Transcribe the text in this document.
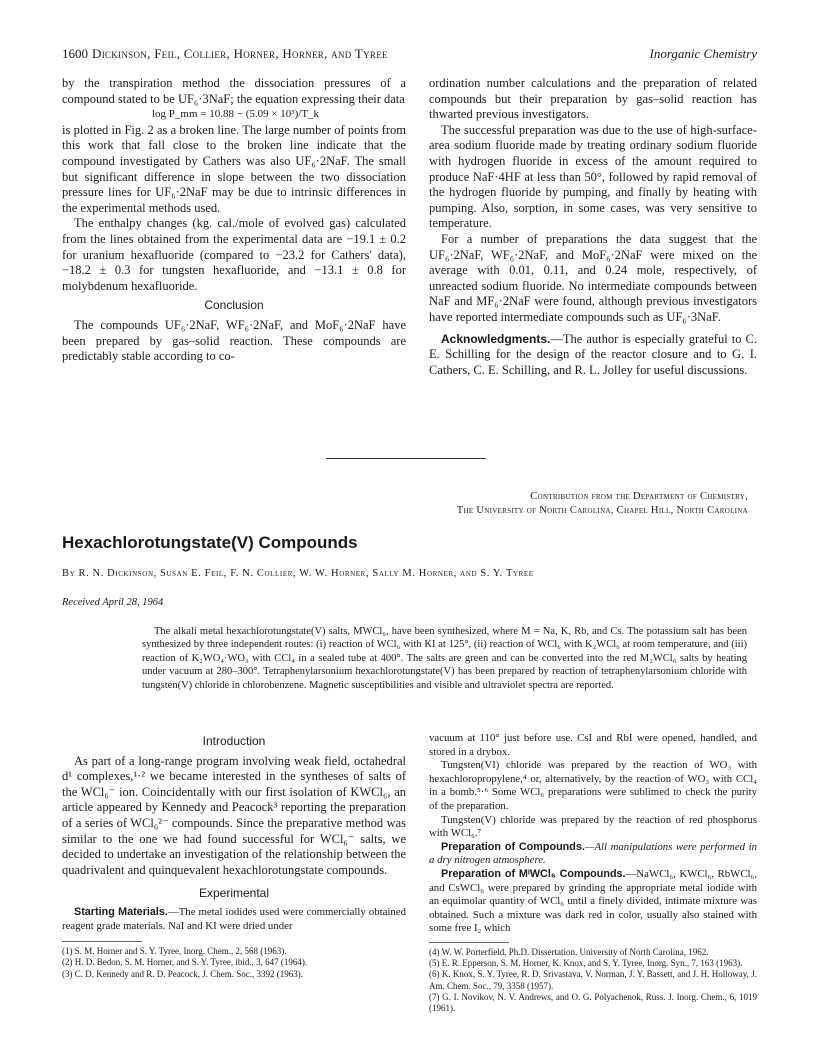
1600 Dickinson, Feil, Collier, Horner, Horner, and Tyree	Inorganic Chemistry

by the transpiration method the dissociation pressures of a compound stated to be UF₆·3NaF; the equation expressing their data

log P_mm = 10.88 − (5.09 × 10³)/T_k

is plotted in Fig. 2 as a broken line. The large number of points from this work that fall close to the broken line indicate that the compound investigated by Cathers was also UF₆·2NaF. The small but significant difference in slope between the two dissociation pressure lines for UF₆·2NaF may be due to intrinsic differences in the experimental methods used.

The enthalpy changes (kg. cal./mole of evolved gas) calculated from the lines obtained from the experimental data are −19.1 ± 0.2 for uranium hexafluoride (compared to −23.2 for Cathers' data), −18.2 ± 0.3 for tungsten hexafluoride, and −13.1 ± 0.8 for molybdenum hexafluoride.

Conclusion

The compounds UF₆·2NaF, WF₆·2NaF, and MoF₆·2NaF have been prepared by gas–solid reaction. These compounds are predictably stable according to co-

ordination number calculations and the preparation of related compounds but their preparation by gas–solid reaction has thwarted previous investigators.

The successful preparation was due to the use of high-surface-area sodium fluoride made by treating ordinary sodium fluoride with hydrogen fluoride in excess of the amount required to produce NaF·4HF at less than 50°, followed by rapid removal of the hydrogen fluoride by pumping, and finally by heating with pumping. Also, sorption, in some cases, was very sensitive to temperature.

For a number of preparations the data suggest that the UF₆·2NaF, WF₆·2NaF, and MoF₆·2NaF were mixed on the average with 0.01, 0.11, and 0.24 mole, respectively, of unreacted sodium fluoride. No intermediate compounds between NaF and MF₆·2NaF were found, although previous investigators have reported intermediate compounds such as UF₆·3NaF.

Acknowledgments.—The author is especially grateful to C. E. Schilling for the design of the reactor closure and to G. I. Cathers, C. E. Schilling, and R. L. Jolley for useful discussions.

Contribution from the Department of Chemistry,
The University of North Carolina, Chapel Hill, North Carolina
Hexachlorotungstate(V) Compounds
By R. N. Dickinson, Susan E. Feil, F. N. Collier, W. W. Horner, Sally M. Horner, and S. Y. Tyree
Received April 28, 1964

The alkali metal hexachlorotungstate(V) salts, MWCl₆, have been synthesized, where M = Na, K, Rb, and Cs. The potassium salt has been synthesized by three independent routes: (i) reaction of WCl₆ with KI at 125°, (ii) reaction of WCl₆ with K₂WCl₆ at room temperature, and (iii) reaction of K₂WO₄·WO₃ with CCl₄ in a sealed tube at 400°. The salts are green and can be converted into the red M₂WCl₆ salts by heating under vacuum at 280–300°. Tetraphenylarsonium hexachlorotungstate(V) has been prepared by reaction of tetraphenylarsonium chloride with tungsten(V) chloride in chlorobenzene. Magnetic susceptibilities and visible and ultraviolet spectra are reported.

Introduction

As part of a long-range program involving weak field, octahedral d¹ complexes,¹·² we became interested in the syntheses of salts of the WCl₆⁻ ion. Coincidentally with our first isolation of KWCl₆, an article appeared by Kennedy and Peacock³ reporting the preparation of a series of WCl₆²⁻ compounds. Since the preparative method was similar to the one we had found successful for WCl₆⁻ salts, we decided to undertake an investigation of the relationship between the quadrivalent and quinquevalent hexachlorotungstate compounds.

Experimental

Starting Materials.—The metal iodides used were commercially obtained reagent grade materials. NaI and KI were dried under

(1) S. M. Horner and S. Y. Tyree, Inorg. Chem., 2, 568 (1963).

(2) H. D. Bedon, S. M. Horner, and S. Y. Tyree, ibid., 3, 647 (1964).

(3) C. D. Kennedy and R. D. Peacock, J. Chem. Soc., 3392 (1963).

vacuum at 110° just before use. CsI and RbI were opened, handled, and stored in a drybox.

Tungsten(VI) chloride was prepared by the reaction of WO₃ with hexachloropropylene,⁴ or, alternatively, by the reaction of WO₃ with CCl₄ in a bomb.⁵·⁶ Some WCl₆ preparations were sublimed to check the purity of the preparation.

Tungsten(V) chloride was prepared by the reaction of red phosphorus with WCl₆.⁷

Preparation of Compounds.—All manipulations were performed in a dry nitrogen atmosphere.

Preparation of MᴵWCl₆ Compounds.—NaWCl₆, KWCl₆, RbWCl₆, and CsWCl₆ were prepared by grinding the appropriate metal iodide with an equimolar quantity of WCl₆ until a finely divided, intimate mixture was obtained. Such a mixture was dark red in color, usually also stained with some free I₂ which

(4) W. W. Porterfield, Ph.D. Dissertation, University of North Carolina, 1962.

(5) E. R. Epperson, S. M. Horner, K. Knox, and S. Y. Tyree, Inorg. Syn., 7, 163 (1963).

(6) K. Knox, S. Y. Tyree, R. D. Srivastava, V. Norman, J. Y. Bassett, and J. H. Holloway, J. Am. Chem. Soc., 79, 3358 (1957).

(7) G. I. Novikov, N. V. Andrews, and O. G. Polyachenok, Russ. J. Inorg. Chem., 6, 1019 (1961).
